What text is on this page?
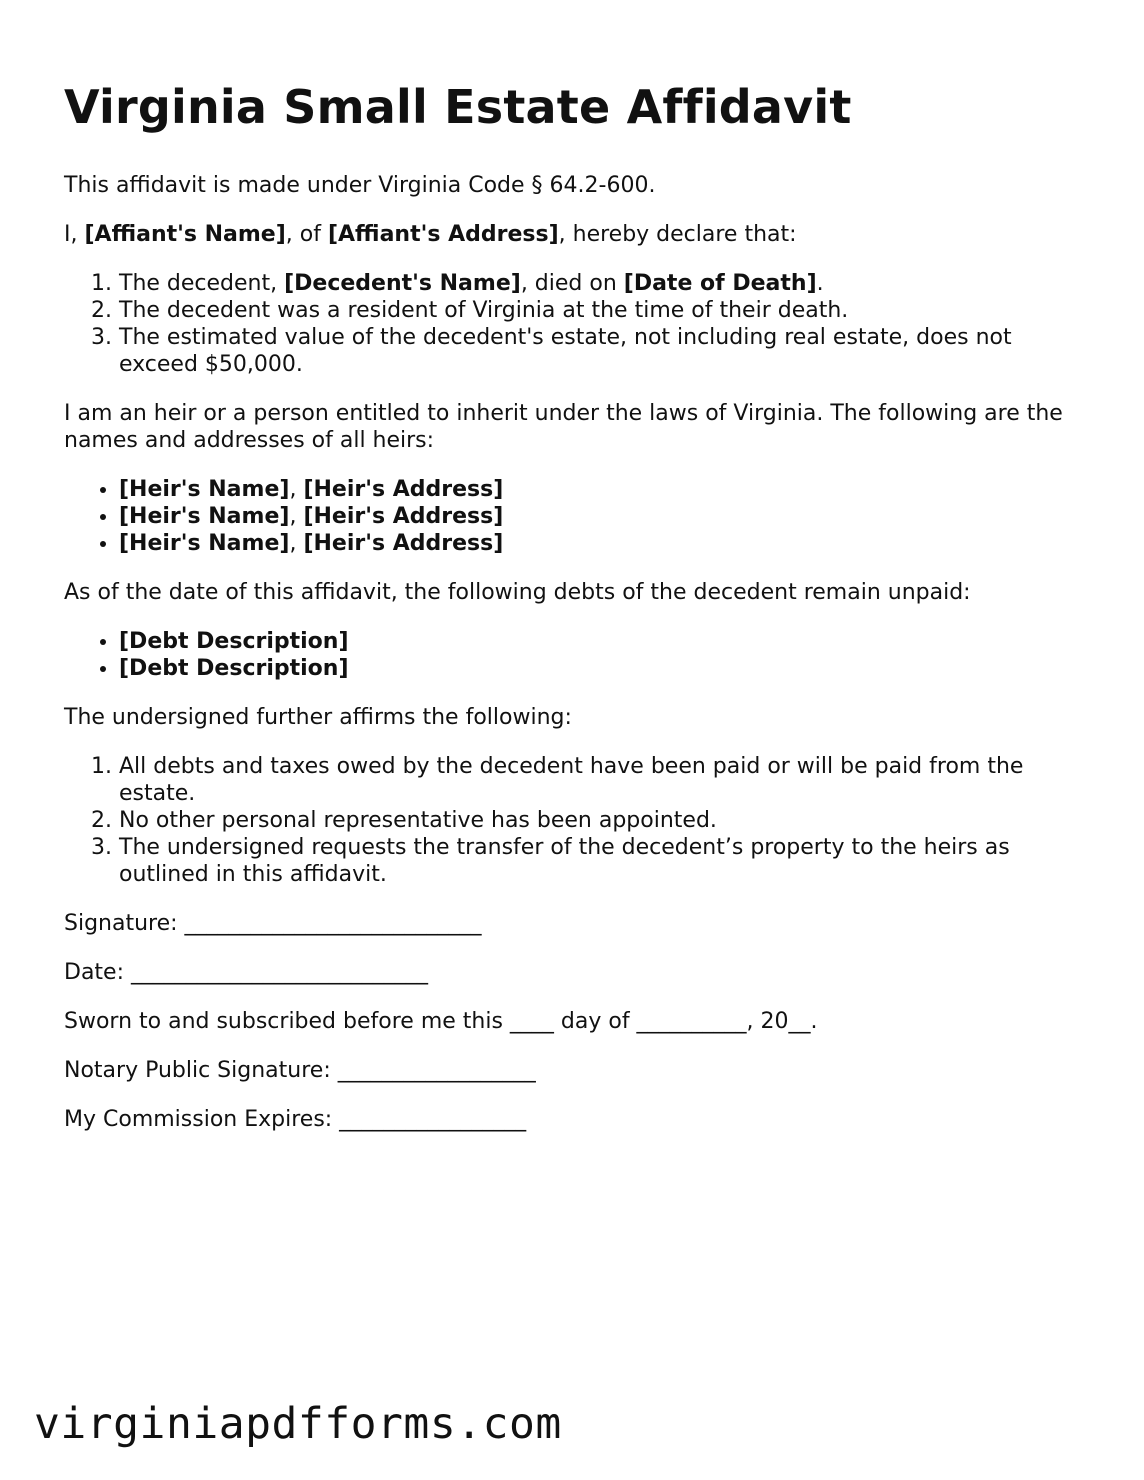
Virginia Small Estate Affidavit

This affidavit is made under Virginia Code § 64.2-600.

I, [Affiant's Name], of [Affiant's Address], hereby declare that:

1. The decedent, [Decedent's Name], died on [Date of Death].
2. The decedent was a resident of Virginia at the time of their death.
3. The estimated value of the decedent's estate, not including real estate, does not exceed $50,000.

I am an heir or a person entitled to inherit under the laws of Virginia. The following are the names and addresses of all heirs:

• [Heir's Name], [Heir's Address]
• [Heir's Name], [Heir's Address]
• [Heir's Name], [Heir's Address]

As of the date of this affidavit, the following debts of the decedent remain unpaid:

• [Debt Description]
• [Debt Description]

The undersigned further affirms the following:

1. All debts and taxes owed by the decedent have been paid or will be paid from the estate.
2. No other personal representative has been appointed.
3. The undersigned requests the transfer of the decedent’s property to the heirs as outlined in this affidavit.

Signature: ___________________________

Date: ___________________________

Sworn to and subscribed before me this ____ day of __________, 20__.

Notary Public Signature: __________________

My Commission Expires: _________________

virginiapdfforms.com
